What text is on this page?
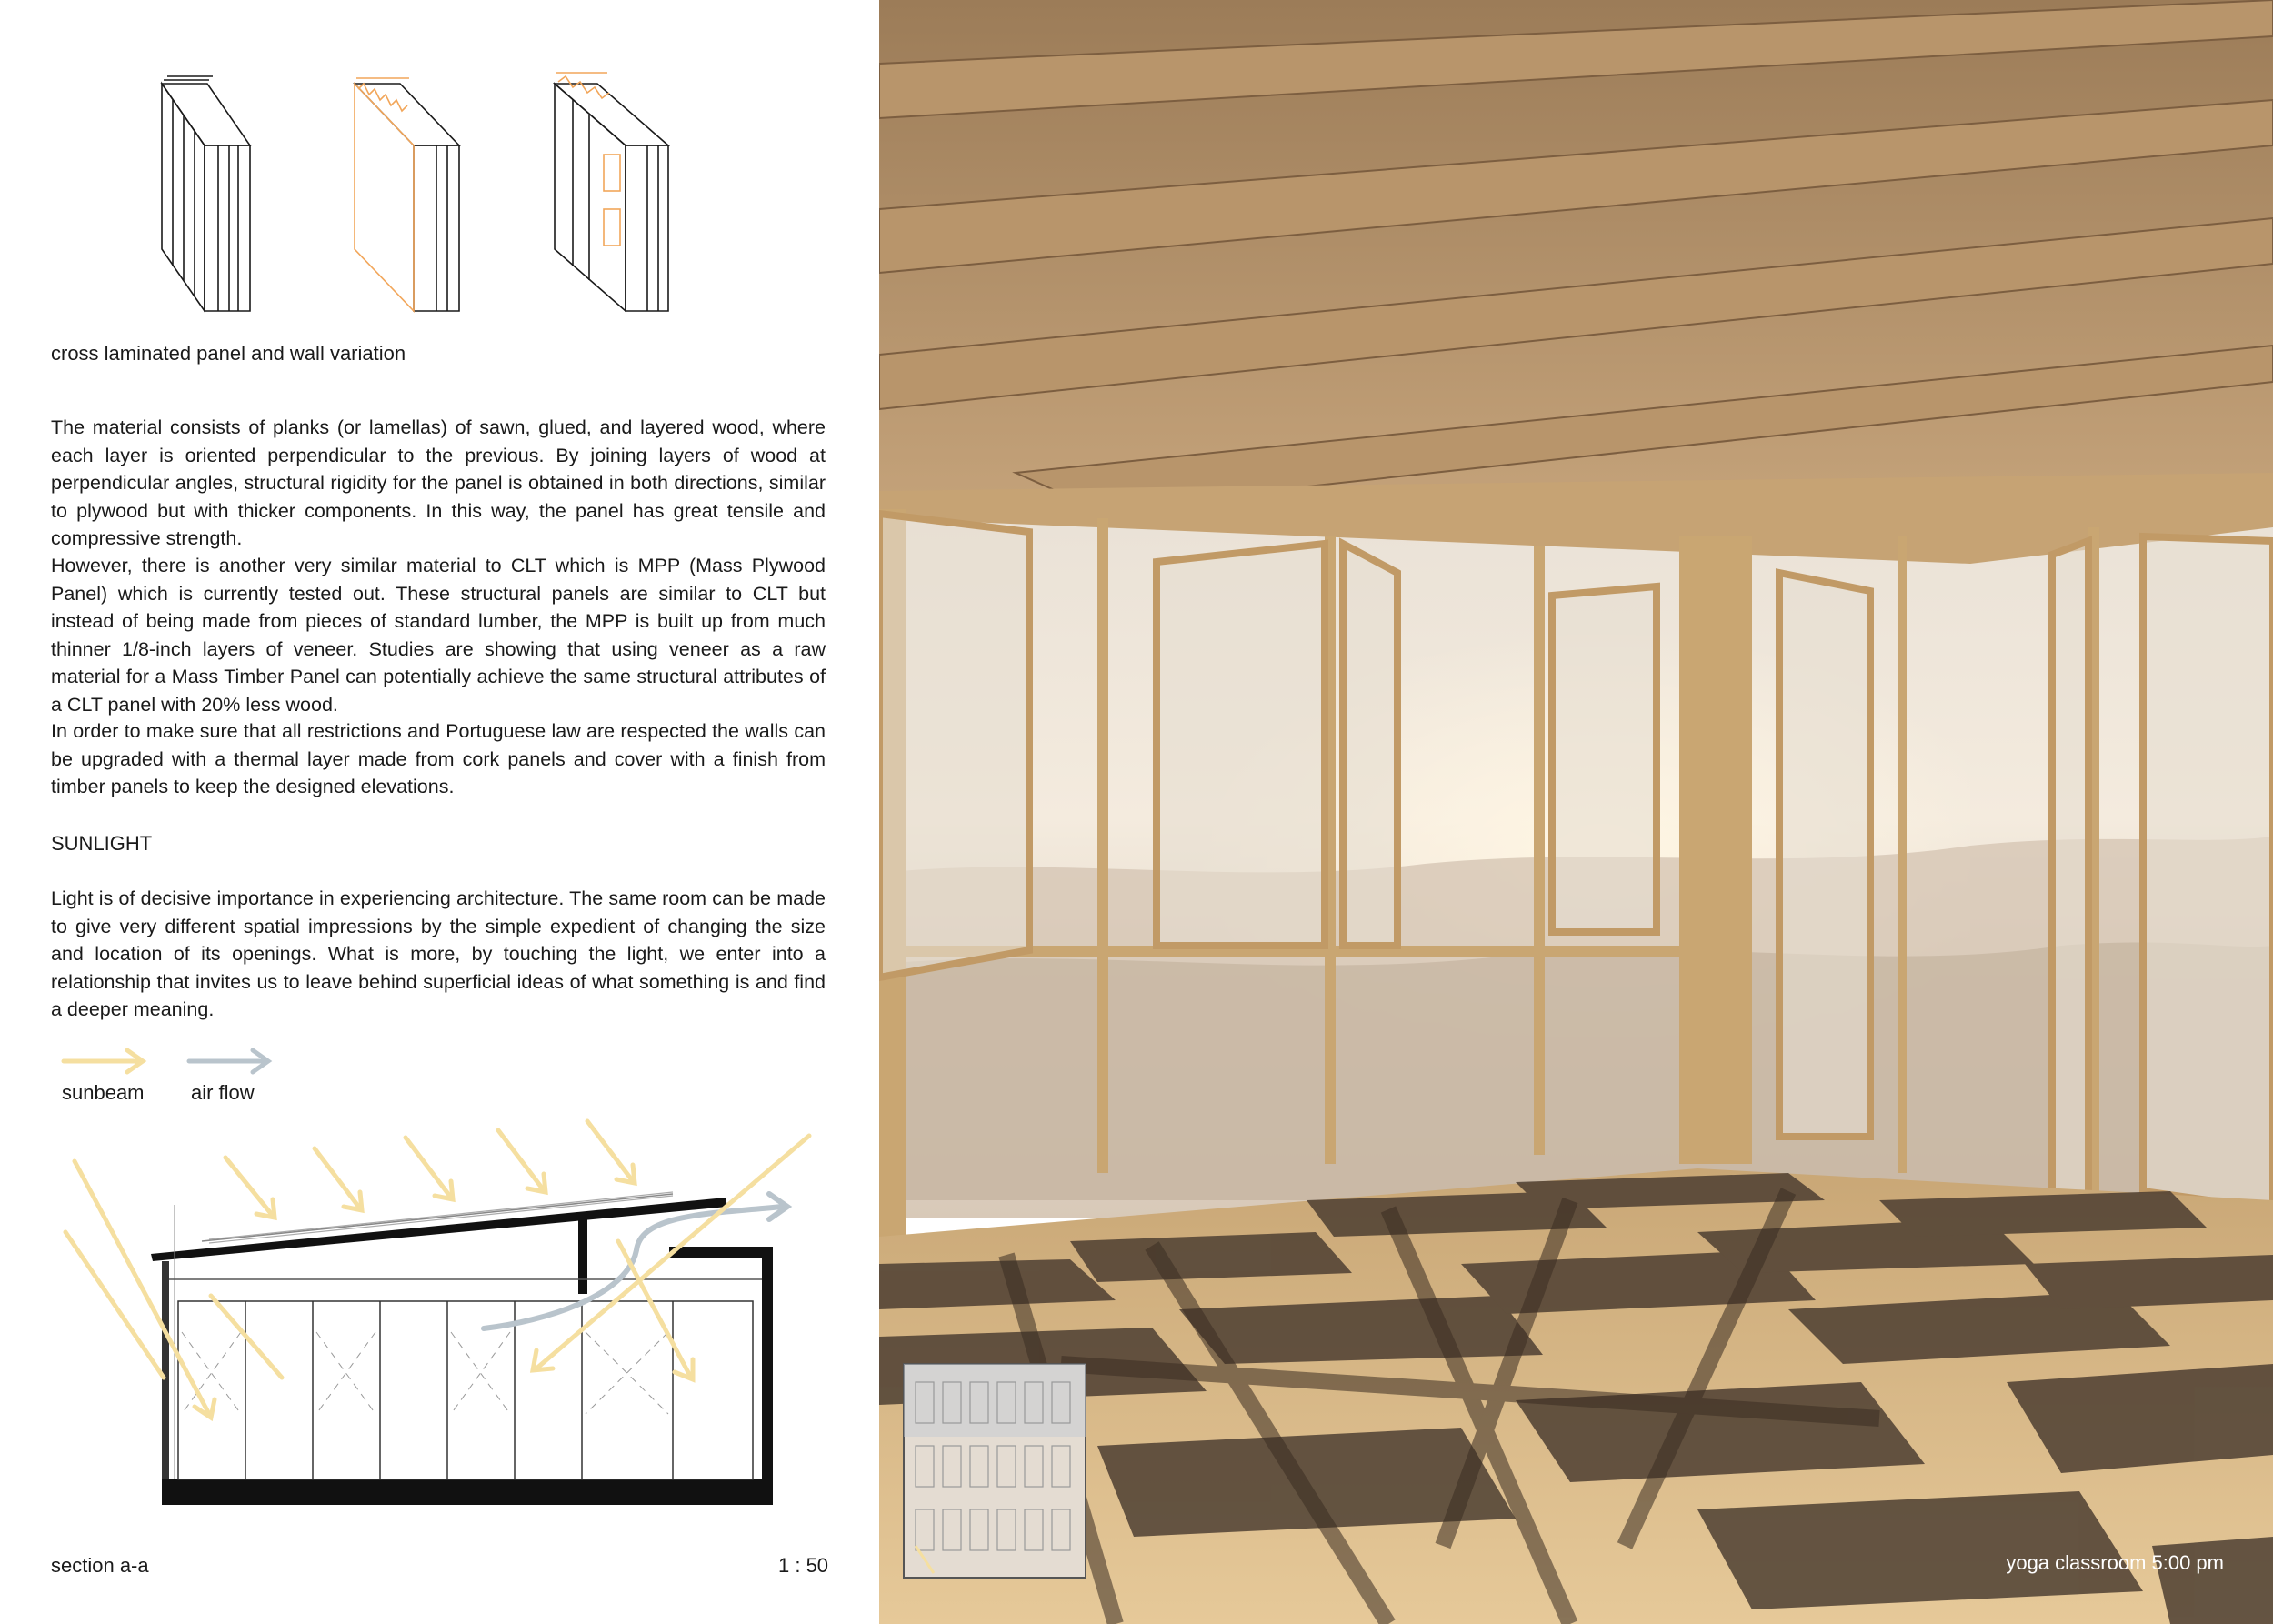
cross laminated panel and wall variation

The material consists of planks (or lamellas) of sawn, glued, and layered wood, where each layer is oriented perpendicular to the previous. By joining layers of wood at perpendicular angles, structural rigidity for the panel is obtained in both directions, similar to plywood but with thicker components. In this way, the panel has great tensile and compressive strength.

However, there is another very similar material to CLT which is MPP (Mass Plywood Panel) which is currently tested out. These structural panels are similar to CLT but instead of being made from pieces of standard lumber, the MPP is built up from much thinner 1/8-inch layers of veneer. Studies are showing that using veneer as a raw material for a Mass Timber Panel can potentially achieve the same structural attributes of a CLT panel with 20% less wood.

In order to make sure that all restrictions and Portuguese law are respected the walls can be upgraded with a thermal layer made from cork panels and cover with a finish from timber panels to keep the designed elevations.

SUNLIGHT

Light is of decisive importance in experiencing architecture. The same room can be made to give very different spatial impressions by the simple expedient of changing the size and location of its openings. What is more, by touching the light, we enter into a relationship that invites us to leave behind superficial ideas of what something is and find a deeper meaning.

sunbeam air flow
section a-a	1 : 50	yoga classroom 5:00 pm
